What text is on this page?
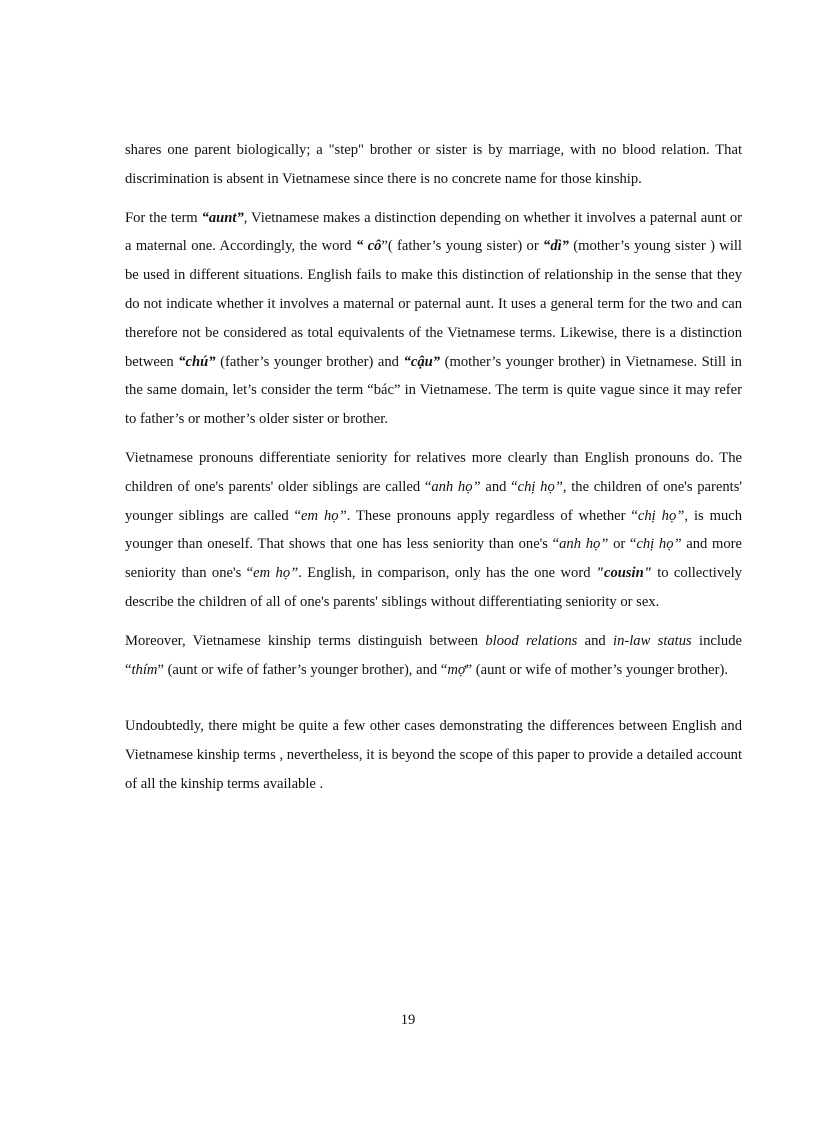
shares one parent biologically; a "step" brother or sister is by marriage, with no blood relation. That discrimination is absent in Vietnamese since there is no concrete name for those kinship.

For the term “aunt”, Vietnamese makes a distinction depending on whether it involves a paternal aunt or a maternal one. Accordingly, the word “ cô”( father’s young sister) or “dì” (mother’s young sister ) will be used in different situations. English fails to make this distinction of relationship in the sense that they do not indicate whether it involves a maternal or paternal aunt. It uses a general term for the two and can therefore not be considered as total equivalents of the Vietnamese terms. Likewise, there is a distinction between “chú” (father’s younger brother) and “cậu” (mother’s younger brother) in Vietnamese. Still in the same domain, let’s consider the term “bác” in Vietnamese. The term is quite vague since it may refer to father’s or mother’s older sister or brother.

Vietnamese pronouns differentiate seniority for relatives more clearly than English pronouns do. The children of one's parents' older siblings are called “anh họ” and “chị họ”, the children of one's parents' younger siblings are called “em họ”. These pronouns apply regardless of whether “chị họ”, is much younger than oneself. That shows that one has less seniority than one's “anh họ” or “chị họ” and more seniority than one's “em họ”. English, in comparison, only has the one word "cousin" to collectively describe the children of all of one's parents' siblings without differentiating seniority or sex.

Moreover, Vietnamese kinship terms distinguish between blood relations and in-law status include “thím” (aunt or wife of father’s younger brother), and “mợ” (aunt or wife of mother’s younger brother).

Undoubtedly, there might be quite a few other cases demonstrating the differences between English and Vietnamese kinship terms , nevertheless, it is beyond the scope of this paper to provide a detailed account of all the kinship terms available .

19
